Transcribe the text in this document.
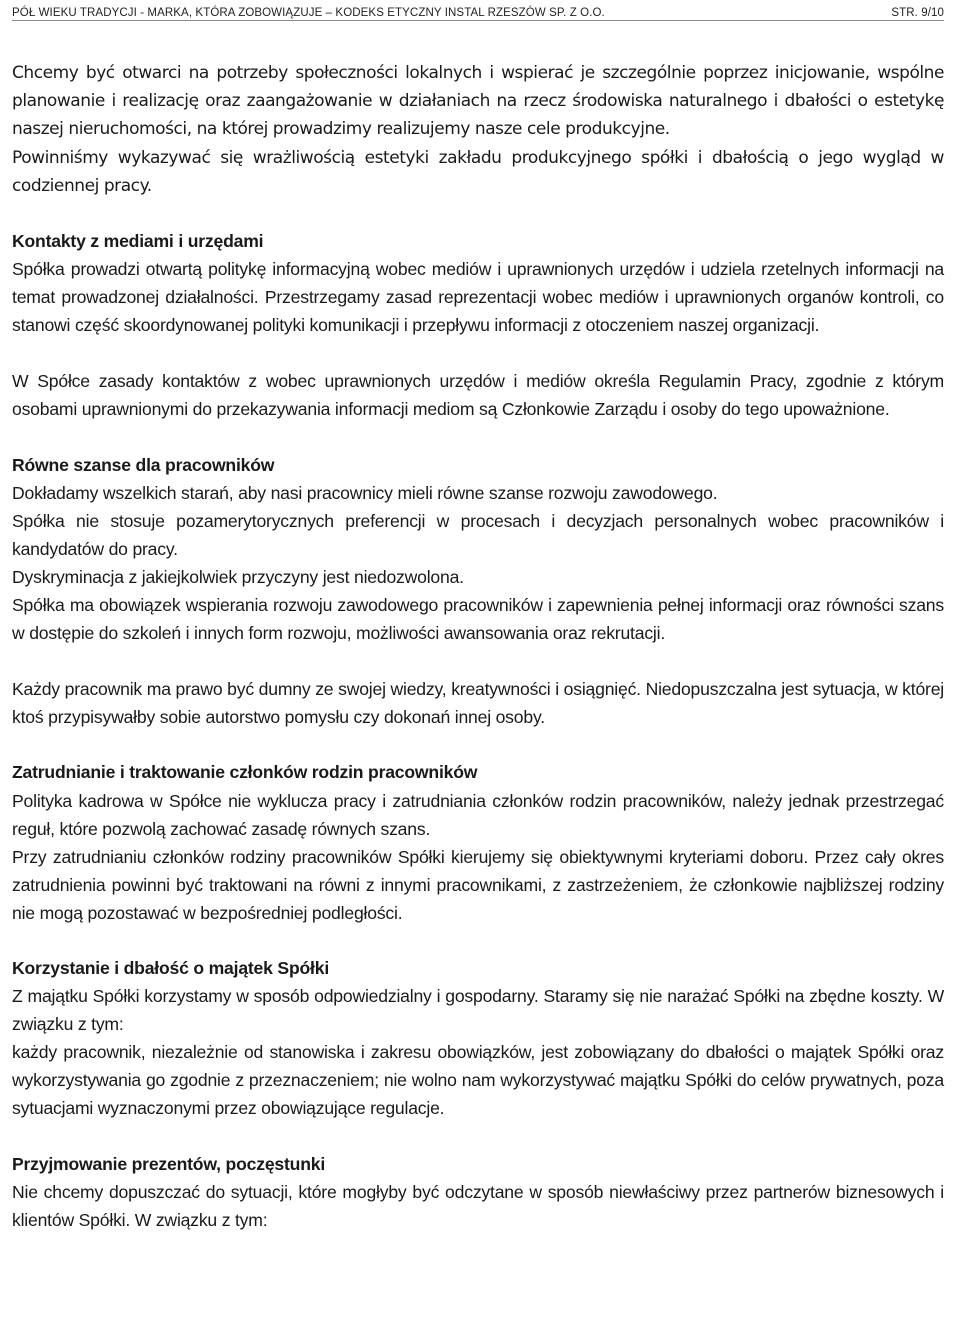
PÓŁ WIEKU TRADYCJI - MARKA, KTÓRA ZOBOWIĄZUJE – KODEKS ETYCZNY INSTAL RZESZÓW SP. Z O.O.	STR. 9/10

Chcemy być otwarci na potrzeby społeczności lokalnych i wspierać je szczególnie poprzez inicjowanie, wspólne planowanie i realizację oraz zaangażowanie w działaniach na rzecz środowiska naturalnego i dbałości o estetykę naszej nieruchomości, na której prowadzimy realizujemy nasze cele produkcyjne.

Powinniśmy wykazywać się wrażliwością estetyki zakładu produkcyjnego spółki i dbałością o jego wygląd w codziennej pracy.

Kontakty z mediami i urzędami

Spółka prowadzi otwartą politykę informacyjną wobec mediów i uprawnionych urzędów i udziela rzetelnych informacji na temat prowadzonej działalności. Przestrzegamy zasad reprezentacji wobec mediów i uprawnionych organów kontroli, co stanowi część skoordynowanej polityki komunikacji i przepływu informacji z otoczeniem naszej organizacji.

W Spółce zasady kontaktów z wobec uprawnionych urzędów i mediów określa Regulamin Pracy, zgodnie z którym osobami uprawnionymi do przekazywania informacji mediom są Członkowie Zarządu i osoby do tego upoważnione.

Równe szanse dla pracowników

Dokładamy wszelkich starań, aby nasi pracownicy mieli równe szanse rozwoju zawodowego.

Spółka nie stosuje pozamerytorycznych preferencji w procesach i decyzjach personalnych wobec pracowników i kandydatów do pracy.

Dyskryminacja z jakiejkolwiek przyczyny jest niedozwolona.

Spółka ma obowiązek wspierania rozwoju zawodowego pracowników i zapewnienia pełnej informacji oraz równości szans w dostępie do szkoleń i innych form rozwoju, możliwości awansowania oraz rekrutacji.

Każdy pracownik ma prawo być dumny ze swojej wiedzy, kreatywności i osiągnięć. Niedopuszczalna jest sytuacja, w której ktoś przypisywałby sobie autorstwo pomysłu czy dokonań innej osoby.

Zatrudnianie i traktowanie członków rodzin pracowników

Polityka kadrowa w Spółce nie wyklucza pracy i zatrudniania członków rodzin pracowników, należy jednak przestrzegać reguł, które pozwolą zachować zasadę równych szans.

Przy zatrudnianiu członków rodziny pracowników Spółki kierujemy się obiektywnymi kryteriami doboru. Przez cały okres zatrudnienia powinni być traktowani na równi z innymi pracownikami, z zastrzeżeniem, że członkowie najbliższej rodziny nie mogą pozostawać w bezpośredniej podległości.

Korzystanie i dbałość o majątek Spółki

Z majątku Spółki korzystamy w sposób odpowiedzialny i gospodarny. Staramy się nie narażać Spółki na zbędne koszty. W związku z tym:

każdy pracownik, niezależnie od stanowiska i zakresu obowiązków, jest zobowiązany do dbałości o majątek Spółki oraz wykorzystywania go zgodnie z przeznaczeniem; nie wolno nam wykorzystywać majątku Spółki do celów prywatnych, poza sytuacjami wyznaczonymi przez obowiązujące regulacje.

Przyjmowanie prezentów, poczęstunki

Nie chcemy dopuszczać do sytuacji, które mogłyby być odczytane w sposób niewłaściwy przez partnerów biznesowych i klientów Spółki. W związku z tym:
